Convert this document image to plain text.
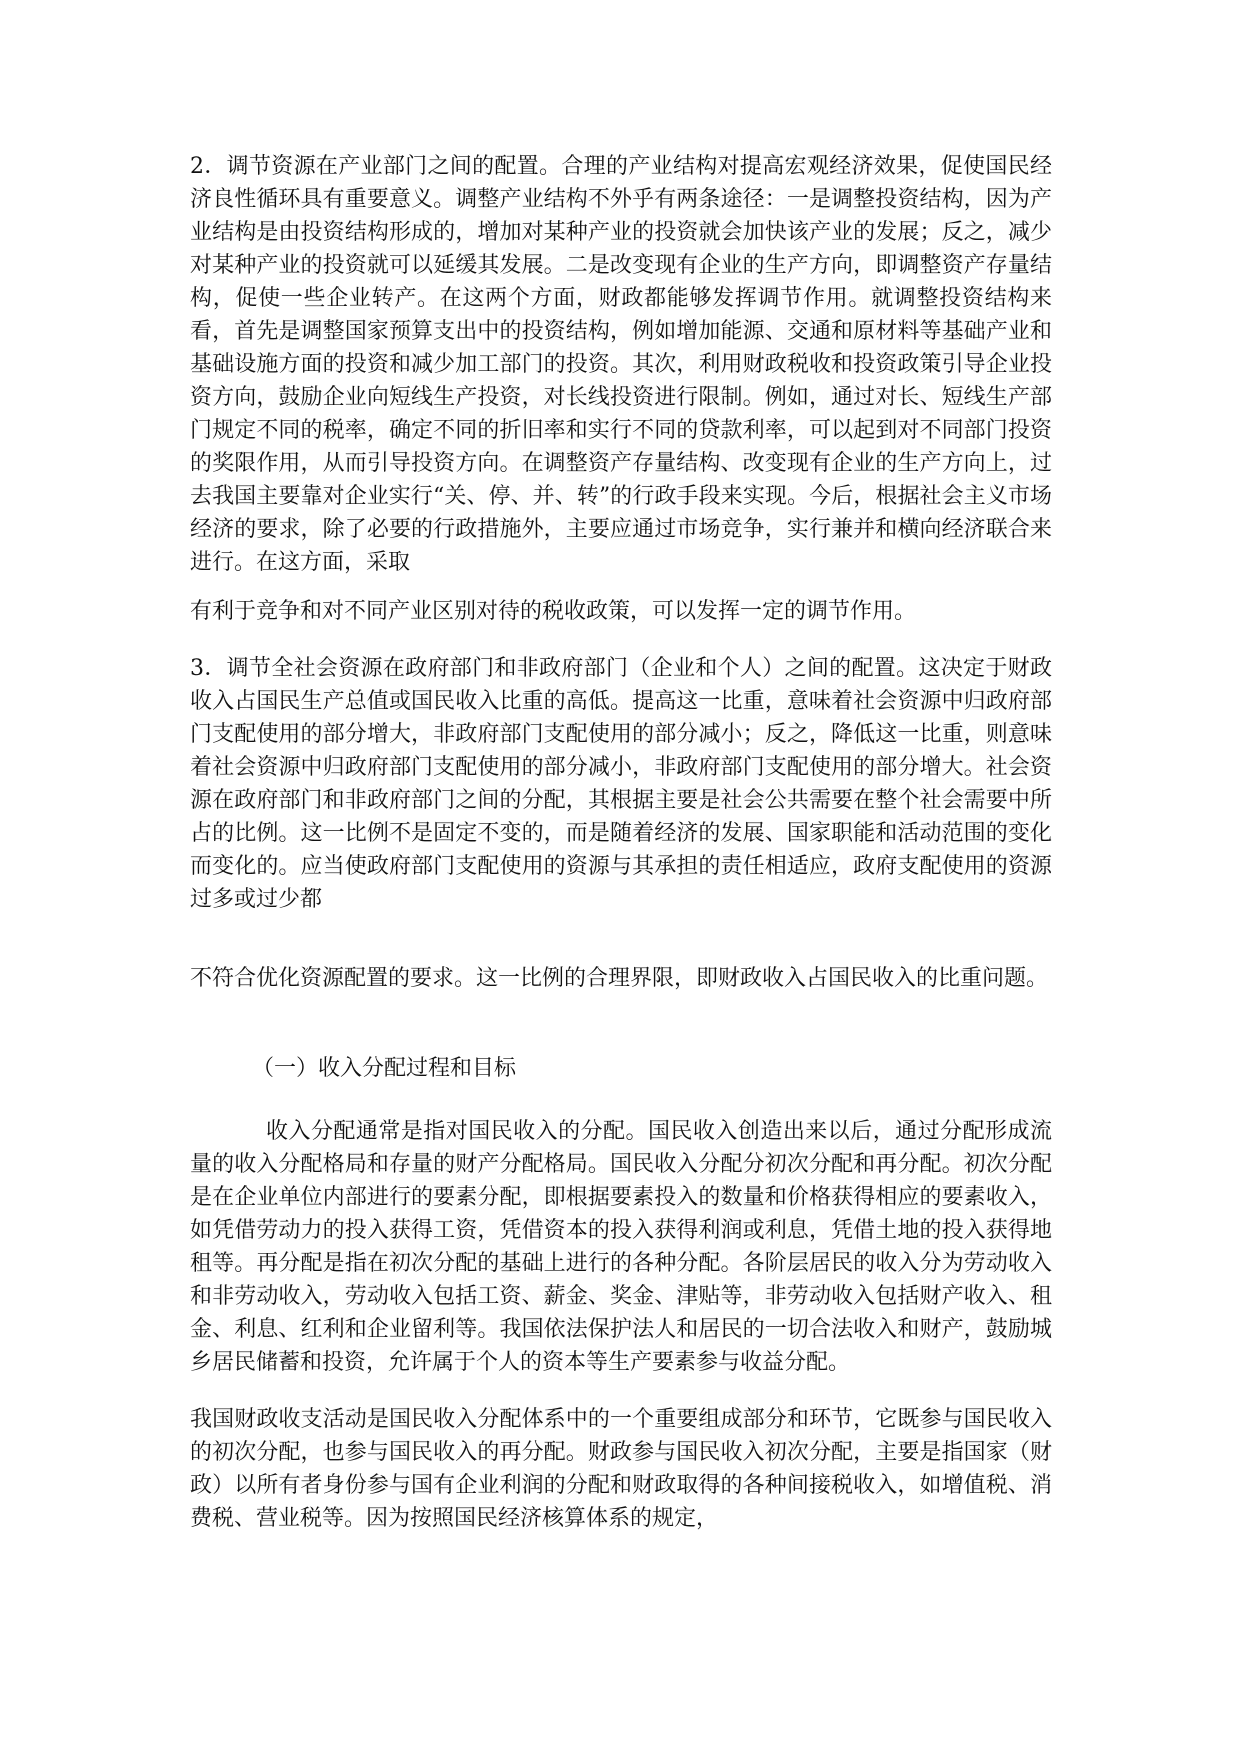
2．调节资源在产业部门之间的配置。合理的产业结构对提高宏观经济效果，促使国民经济良性循环具有重要意义。调整产业结构不外乎有两条途径：一是调整投资结构，因为产业结构是由投资结构形成的，增加对某种产业的投资就会加快该产业的发展；反之，减少对某种产业的投资就可以延缓其发展。二是改变现有企业的生产方向，即调整资产存量结构，促使一些企业转产。在这两个方面，财政都能够发挥调节作用。就调整投资结构来看，首先是调整国家预算支出中的投资结构，例如增加能源、交通和原材料等基础产业和基础设施方面的投资和减少加工部门的投资。其次，利用财政税收和投资政策引导企业投资方向，鼓励企业向短线生产投资，对长线投资进行限制。例如，通过对长、短线生产部门规定不同的税率，确定不同的折旧率和实行不同的贷款利率，可以起到对不同部门投资的奖限作用，从而引导投资方向。在调整资产存量结构、改变现有企业的生产方向上，过去我国主要靠对企业实行“关、停、并、转”的行政手段来实现。今后，根据社会主义市场经济的要求，除了必要的行政措施外，主要应通过市场竞争，实行兼并和横向经济联合来进行。在这方面，采取

有利于竞争和对不同产业区别对待的税收政策，可以发挥一定的调节作用。

3．调节全社会资源在政府部门和非政府部门（企业和个人）之间的配置。这决定于财政收入占国民生产总值或国民收入比重的高低。提高这一比重，意味着社会资源中归政府部门支配使用的部分增大，非政府部门支配使用的部分减小；反之，降低这一比重，则意味着社会资源中归政府部门支配使用的部分减小，非政府部门支配使用的部分增大。社会资源在政府部门和非政府部门之间的分配，其根据主要是社会公共需要在整个社会需要中所占的比例。这一比例不是固定不变的，而是随着经济的发展、国家职能和活动范围的变化而变化的。应当使政府部门支配使用的资源与其承担的责任相适应，政府支配使用的资源过多或过少都

不符合优化资源配置的要求。这一比例的合理界限，即财政收入占国民收入的比重问题。

（一）收入分配过程和目标

收入分配通常是指对国民收入的分配。国民收入创造出来以后，通过分配形成流量的收入分配格局和存量的财产分配格局。国民收入分配分初次分配和再分配。初次分配是在企业单位内部进行的要素分配，即根据要素投入的数量和价格获得相应的要素收入，如凭借劳动力的投入获得工资，凭借资本的投入获得利润或利息，凭借土地的投入获得地租等。再分配是指在初次分配的基础上进行的各种分配。各阶层居民的收入分为劳动收入和非劳动收入，劳动收入包括工资、薪金、奖金、津贴等，非劳动收入包括财产收入、租金、利息、红利和企业留利等。我国依法保护法人和居民的一切合法收入和财产，鼓励城乡居民储蓄和投资，允许属于个人的资本等生产要素参与收益分配。

我国财政收支活动是国民收入分配体系中的一个重要组成部分和环节，它既参与国民收入的初次分配，也参与国民收入的再分配。财政参与国民收入初次分配，主要是指国家（财政）以所有者身份参与国有企业利润的分配和财政取得的各种间接税收入，如增值税、消费税、营业税等。因为按照国民经济核算体系的规定，
